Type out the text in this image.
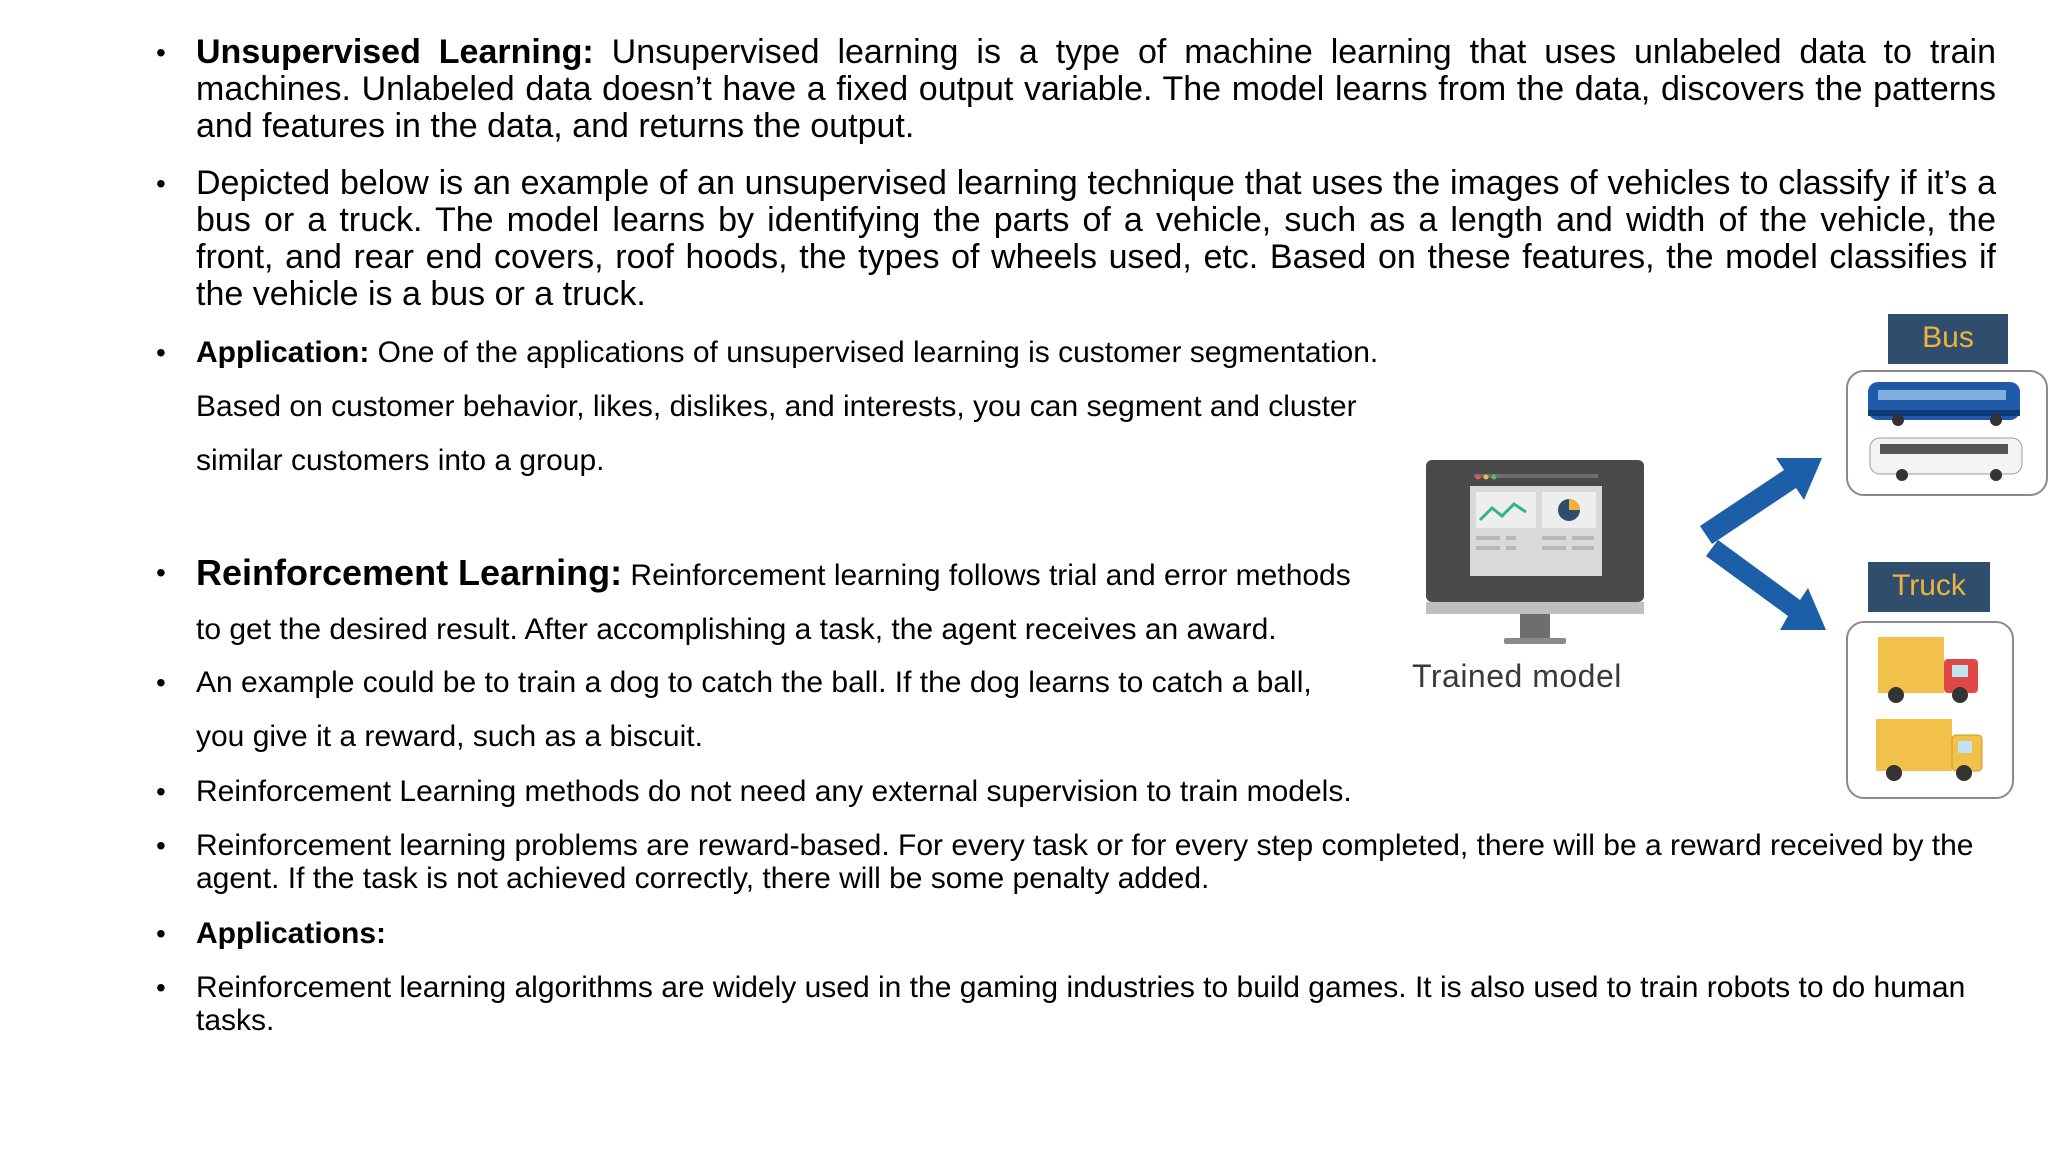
• Unsupervised Learning: Unsupervised learning is a type of machine learning that uses unlabeled data to train machines. Unlabeled data doesn’t have a fixed output variable. The model learns from the data, discovers the patterns and features in the data, and returns the output.
• Depicted below is an example of an unsupervised learning technique that uses the images of vehicles to classify if it’s a bus or a truck. The model learns by identifying the parts of a vehicle, such as a length and width of the vehicle, the front, and rear end covers, roof hoods, the types of wheels used, etc. Based on these features, the model classifies if the vehicle is a bus or a truck.
• Application: One of the applications of unsupervised learning is customer segmentation.
Based on customer behavior, likes, dislikes, and interests, you can segment and cluster
similar customers into a group.
• Reinforcement Learning: Reinforcement learning follows trial and error methods
to get the desired result. After accomplishing a task, the agent receives an award.
• An example could be to train a dog to catch the ball. If the dog learns to catch a ball,
you give it a reward, such as a biscuit.
• Reinforcement Learning methods do not need any external supervision to train models.
• Reinforcement learning problems are reward-based. For every task or for every step completed, there will be a reward received by the agent. If the task is not achieved correctly, there will be some penalty added.
• Applications:
• Reinforcement learning algorithms are widely used in the gaming industries to build games. It is also used to train robots to do human tasks.
Trained model
Bus
Truck
